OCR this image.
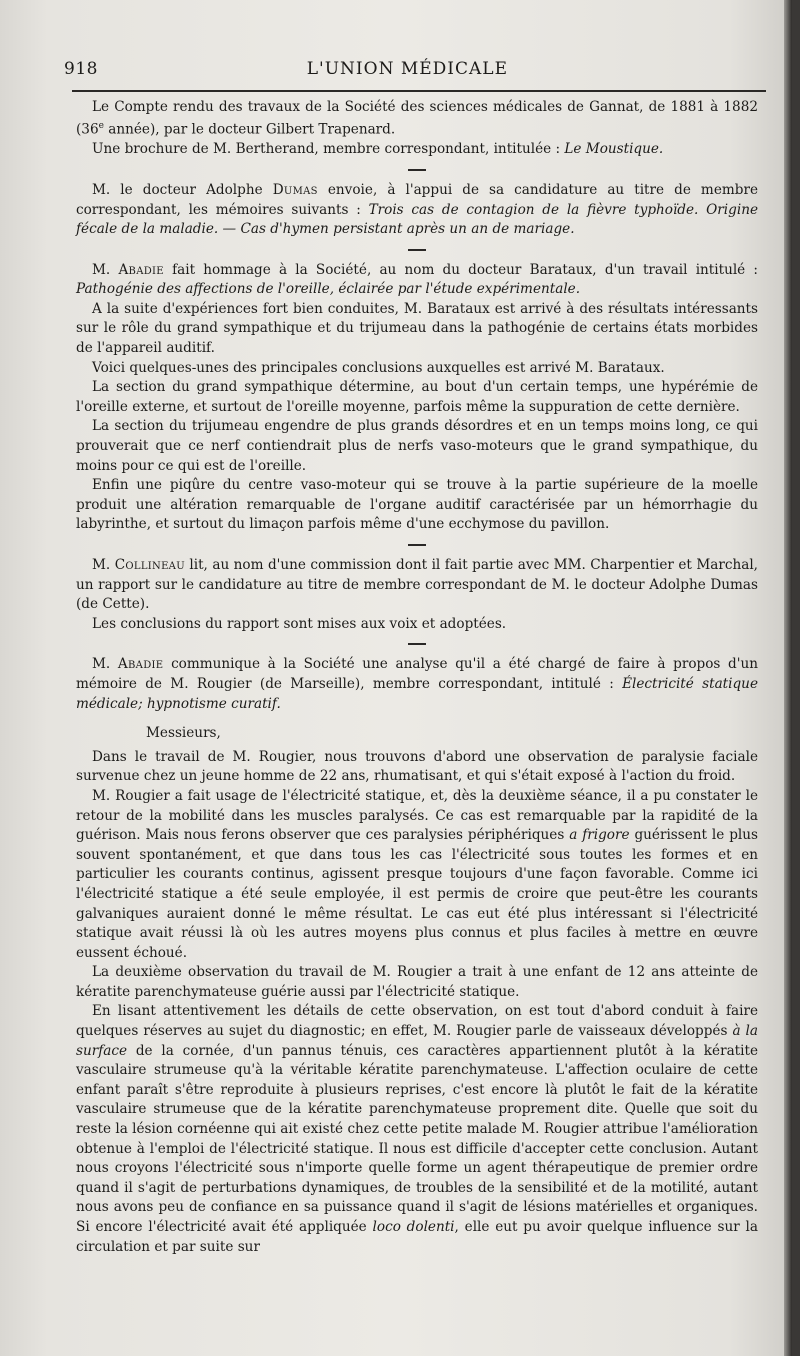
918	L'UNION MÉDICALE

Le Compte rendu des travaux de la Société des sciences médicales de Gannat, de 1881 à 1882 (36e année), par le docteur Gilbert Trapenard.

Une brochure de M. Bertherand, membre correspondant, intitulée : Le Moustique.

M. le docteur Adolphe Dumas envoie, à l'appui de sa candidature au titre de membre correspondant, les mémoires suivants : Trois cas de contagion de la fièvre typhoïde. Origine fécale de la maladie. — Cas d'hymen persistant après un an de mariage.

M. Abadie fait hommage à la Société, au nom du docteur Barataux, d'un travail intitulé : Pathogénie des affections de l'oreille, éclairée par l'étude expérimentale.

A la suite d'expériences fort bien conduites, M. Barataux est arrivé à des résultats intéressants sur le rôle du grand sympathique et du trijumeau dans la pathogénie de certains états morbides de l'appareil auditif.

Voici quelques-unes des principales conclusions auxquelles est arrivé M. Barataux.

La section du grand sympathique détermine, au bout d'un certain temps, une hypérémie de l'oreille externe, et surtout de l'oreille moyenne, parfois même la suppuration de cette dernière.

La section du trijumeau engendre de plus grands désordres et en un temps moins long, ce qui prouverait que ce nerf contiendrait plus de nerfs vaso-moteurs que le grand sympathique, du moins pour ce qui est de l'oreille.

Enfin une piqûre du centre vaso-moteur qui se trouve à la partie supérieure de la moelle produit une altération remarquable de l'organe auditif caractérisée par un hémorrhagie du labyrinthe, et surtout du limaçon parfois même d'une ecchymose du pavillon.

M. Collineau lit, au nom d'une commission dont il fait partie avec MM. Charpentier et Marchal, un rapport sur le candidature au titre de membre correspondant de M. le docteur Adolphe Dumas (de Cette).

Les conclusions du rapport sont mises aux voix et adoptées.

M. Abadie communique à la Société une analyse qu'il a été chargé de faire à propos d'un mémoire de M. Rougier (de Marseille), membre correspondant, intitulé : Électricité statique médicale; hypnotisme curatif.

Messieurs,

Dans le travail de M. Rougier, nous trouvons d'abord une observation de paralysie faciale survenue chez un jeune homme de 22 ans, rhumatisant, et qui s'était exposé à l'action du froid.

M. Rougier a fait usage de l'électricité statique, et, dès la deuxième séance, il a pu constater le retour de la mobilité dans les muscles paralysés. Ce cas est remarquable par la rapidité de la guérison. Mais nous ferons observer que ces paralysies périphériques a frigore guérissent le plus souvent spontanément, et que dans tous les cas l'électricité sous toutes les formes et en particulier les courants continus, agissent presque toujours d'une façon favorable. Comme ici l'électricité statique a été seule employée, il est permis de croire que peut-être les courants galvaniques auraient donné le même résultat. Le cas eut été plus intéressant si l'électricité statique avait réussi là où les autres moyens plus connus et plus faciles à mettre en œuvre eussent échoué.

La deuxième observation du travail de M. Rougier a trait à une enfant de 12 ans atteinte de kératite parenchymateuse guérie aussi par l'électricité statique.

En lisant attentivement les détails de cette observation, on est tout d'abord conduit à faire quelques réserves au sujet du diagnostic; en effet, M. Rougier parle de vaisseaux développés à la surface de la cornée, d'un pannus ténuis, ces caractères appartiennent plutôt à la kératite vasculaire strumeuse qu'à la véritable kératite parenchymateuse. L'affection oculaire de cette enfant paraît s'être reproduite à plusieurs reprises, c'est encore là plutôt le fait de la kératite vasculaire strumeuse que de la kératite parenchymateuse proprement dite. Quelle que soit du reste la lésion cornéenne qui ait existé chez cette petite malade M. Rougier attribue l'amélioration obtenue à l'emploi de l'électricité statique. Il nous est difficile d'accepter cette conclusion. Autant nous croyons l'électricité sous n'importe quelle forme un agent thérapeutique de premier ordre quand il s'agit de perturbations dynamiques, de troubles de la sensibilité et de la motilité, autant nous avons peu de confiance en sa puissance quand il s'agit de lésions matérielles et organiques. Si encore l'électricité avait été appliquée loco dolenti, elle eut pu avoir quelque influence sur la circulation et par suite sur
